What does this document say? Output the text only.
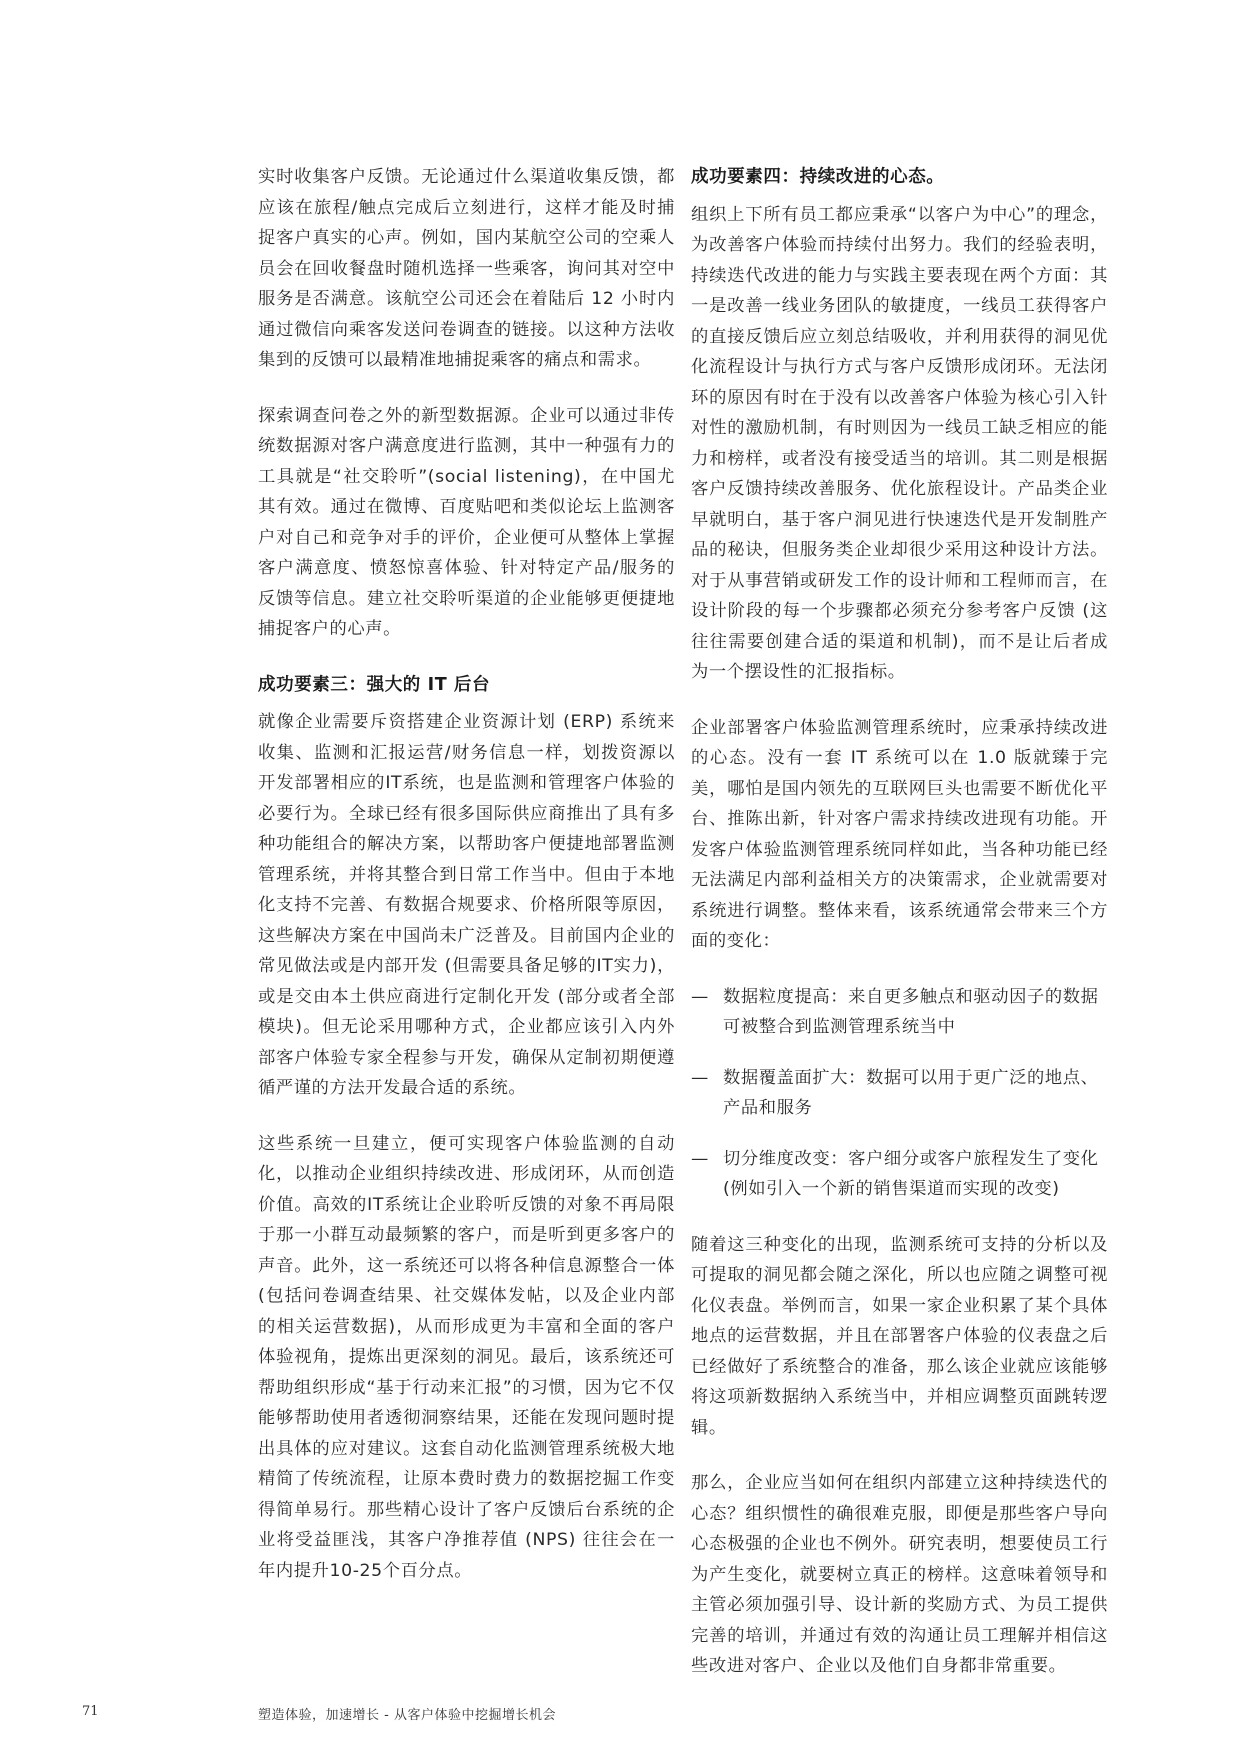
实时收集客户反馈。无论通过什么渠道收集反馈，都应该在旅程/触点完成后立刻进行，这样才能及时捕捉客户真实的心声。例如，国内某航空公司的空乘人员会在回收餐盘时随机选择一些乘客，询问其对空中服务是否满意。该航空公司还会在着陆后 12 小时内通过微信向乘客发送问卷调查的链接。以这种方法收集到的反馈可以最精准地捕捉乘客的痛点和需求。

探索调查问卷之外的新型数据源。企业可以通过非传统数据源对客户满意度进行监测，其中一种强有力的工具就是“社交聆听”(social listening)，在中国尤其有效。通过在微博、百度贴吧和类似论坛上监测客户对自己和竞争对手的评价，企业便可从整体上掌握客户满意度、愤怒惊喜体验、针对特定产品/服务的反馈等信息。建立社交聆听渠道的企业能够更便捷地捕捉客户的心声。

成功要素三：强大的 IT 后台

就像企业需要斥资搭建企业资源计划 (ERP) 系统来收集、监测和汇报运营/财务信息一样，划拨资源以开发部署相应的IT系统，也是监测和管理客户体验的必要行为。全球已经有很多国际供应商推出了具有多种功能组合的解决方案，以帮助客户便捷地部署监测管理系统，并将其整合到日常工作当中。但由于本地化支持不完善、有数据合规要求、价格所限等原因，这些解决方案在中国尚未广泛普及。目前国内企业的常见做法或是内部开发 (但需要具备足够的IT实力)，或是交由本土供应商进行定制化开发 (部分或者全部模块)。但无论采用哪种方式，企业都应该引入内外部客户体验专家全程参与开发，确保从定制初期便遵循严谨的方法开发最合适的系统。

这些系统一旦建立，便可实现客户体验监测的自动化，以推动企业组织持续改进、形成闭环，从而创造价值。高效的IT系统让企业聆听反馈的对象不再局限于那一小群互动最频繁的客户，而是听到更多客户的声音。此外，这一系统还可以将各种信息源整合一体 (包括问卷调查结果、社交媒体发帖，以及企业内部的相关运营数据)，从而形成更为丰富和全面的客户体验视角，提炼出更深刻的洞见。最后，该系统还可帮助组织形成“基于行动来汇报”的习惯，因为它不仅能够帮助使用者透彻洞察结果，还能在发现问题时提出具体的应对建议。这套自动化监测管理系统极大地精简了传统流程，让原本费时费力的数据挖掘工作变得简单易行。那些精心设计了客户反馈后台系统的企业将受益匪浅，其客户净推荐值 (NPS) 往往会在一年内提升10-25个百分点。

成功要素四：持续改进的心态。

组织上下所有员工都应秉承“以客户为中心”的理念，为改善客户体验而持续付出努力。我们的经验表明，持续迭代改进的能力与实践主要表现在两个方面：其一是改善一线业务团队的敏捷度，一线员工获得客户的直接反馈后应立刻总结吸收，并利用获得的洞见优化流程设计与执行方式与客户反馈形成闭环。无法闭环的原因有时在于没有以改善客户体验为核心引入针对性的激励机制，有时则因为一线员工缺乏相应的能力和榜样，或者没有接受适当的培训。其二则是根据客户反馈持续改善服务、优化旅程设计。产品类企业早就明白，基于客户洞见进行快速迭代是开发制胜产品的秘诀，但服务类企业却很少采用这种设计方法。对于从事营销或研发工作的设计师和工程师而言，在设计阶段的每一个步骤都必须充分参考客户反馈 (这往往需要创建合适的渠道和机制)，而不是让后者成为一个摆设性的汇报指标。

企业部署客户体验监测管理系统时，应秉承持续改进的心态。没有一套 IT 系统可以在 1.0 版就臻于完美，哪怕是国内领先的互联网巨头也需要不断优化平台、推陈出新，针对客户需求持续改进现有功能。开发客户体验监测管理系统同样如此，当各种功能已经无法满足内部利益相关方的决策需求，企业就需要对系统进行调整。整体来看，该系统通常会带来三个方面的变化：

— 数据粒度提高：来自更多触点和驱动因子的数据可被整合到监测管理系统当中
— 数据覆盖面扩大：数据可以用于更广泛的地点、产品和服务
— 切分维度改变：客户细分或客户旅程发生了变化 (例如引入一个新的销售渠道而实现的改变)

随着这三种变化的出现，监测系统可支持的分析以及可提取的洞见都会随之深化，所以也应随之调整可视化仪表盘。举例而言，如果一家企业积累了某个具体地点的运营数据，并且在部署客户体验的仪表盘之后已经做好了系统整合的准备，那么该企业就应该能够将这项新数据纳入系统当中，并相应调整页面跳转逻辑。

那么，企业应当如何在组织内部建立这种持续迭代的心态？组织惯性的确很难克服，即便是那些客户导向心态极强的企业也不例外。研究表明，想要使员工行为产生变化，就要树立真正的榜样。这意味着领导和主管必须加强引导、设计新的奖励方式、为员工提供完善的培训，并通过有效的沟通让员工理解并相信这些改进对客户、企业以及他们自身都非常重要。

71	塑造体验，加速增长 - 从客户体验中挖掘增长机会
